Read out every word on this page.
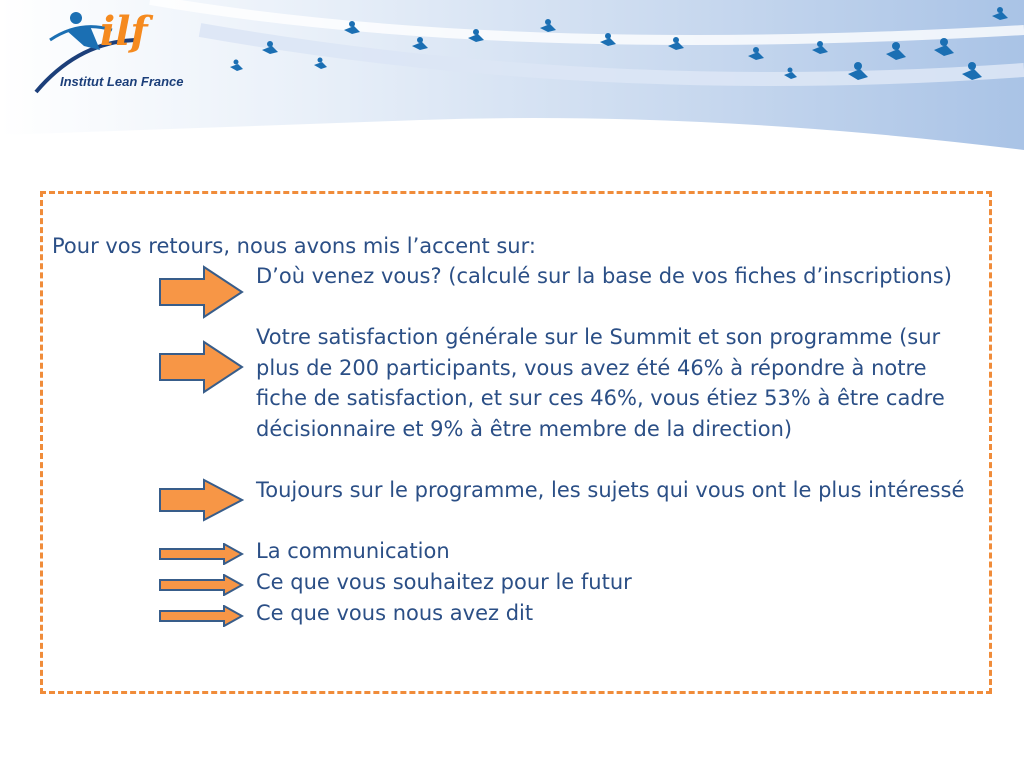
ilf
Institut Lean France
Pour vos retours, nous avons mis l’accent sur:
D’où venez vous? (calculé sur la base de vos fiches d’inscriptions)
Votre satisfaction générale sur le Summit et son programme (sur plus de 200 participants, vous avez été 46% à répondre à notre fiche de satisfaction, et sur ces 46%, vous étiez 53% à être cadre décisionnaire et 9% à être membre de la direction)
Toujours sur le programme, les sujets qui vous ont le plus intéressé
La communication
Ce que vous souhaitez pour le futur
Ce que vous nous avez dit
